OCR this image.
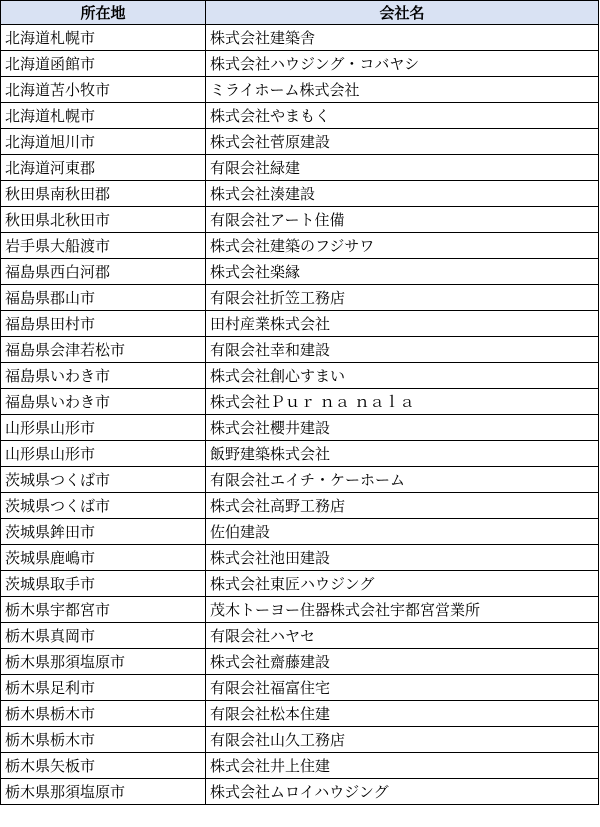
所在地	会社名
北海道札幌市	株式会社建築舎
北海道函館市	株式会社ハウジング・コバヤシ
北海道苫小牧市	ミライホーム株式会社
北海道札幌市	株式会社やまもく
北海道旭川市	株式会社菅原建設
北海道河東郡	有限会社緑建
秋田県南秋田郡	株式会社湊建設
秋田県北秋田市	有限会社アート住備
岩手県大船渡市	株式会社建築のフジサワ
福島県西白河郡	株式会社楽縁
福島県郡山市	有限会社折笠工務店
福島県田村市	田村産業株式会社
福島県会津若松市	有限会社幸和建設
福島県いわき市	株式会社創心すまい
福島県いわき市	株式会社Ｐｕｒ ｎａ ｎａｌａ
山形県山形市	株式会社櫻井建設
山形県山形市	飯野建築株式会社
茨城県つくば市	有限会社エイチ・ケーホーム
茨城県つくば市	株式会社高野工務店
茨城県鉾田市	佐伯建設
茨城県鹿嶋市	株式会社池田建設
茨城県取手市	株式会社東匠ハウジング
栃木県宇都宮市	茂木トーヨー住器株式会社宇都宮営業所
栃木県真岡市	有限会社ハヤセ
栃木県那須塩原市	株式会社齋藤建設
栃木県足利市	有限会社福富住宅
栃木県栃木市	有限会社松本住建
栃木県栃木市	有限会社山久工務店
栃木県矢板市	株式会社井上住建
栃木県那須塩原市	株式会社ムロイハウジング
